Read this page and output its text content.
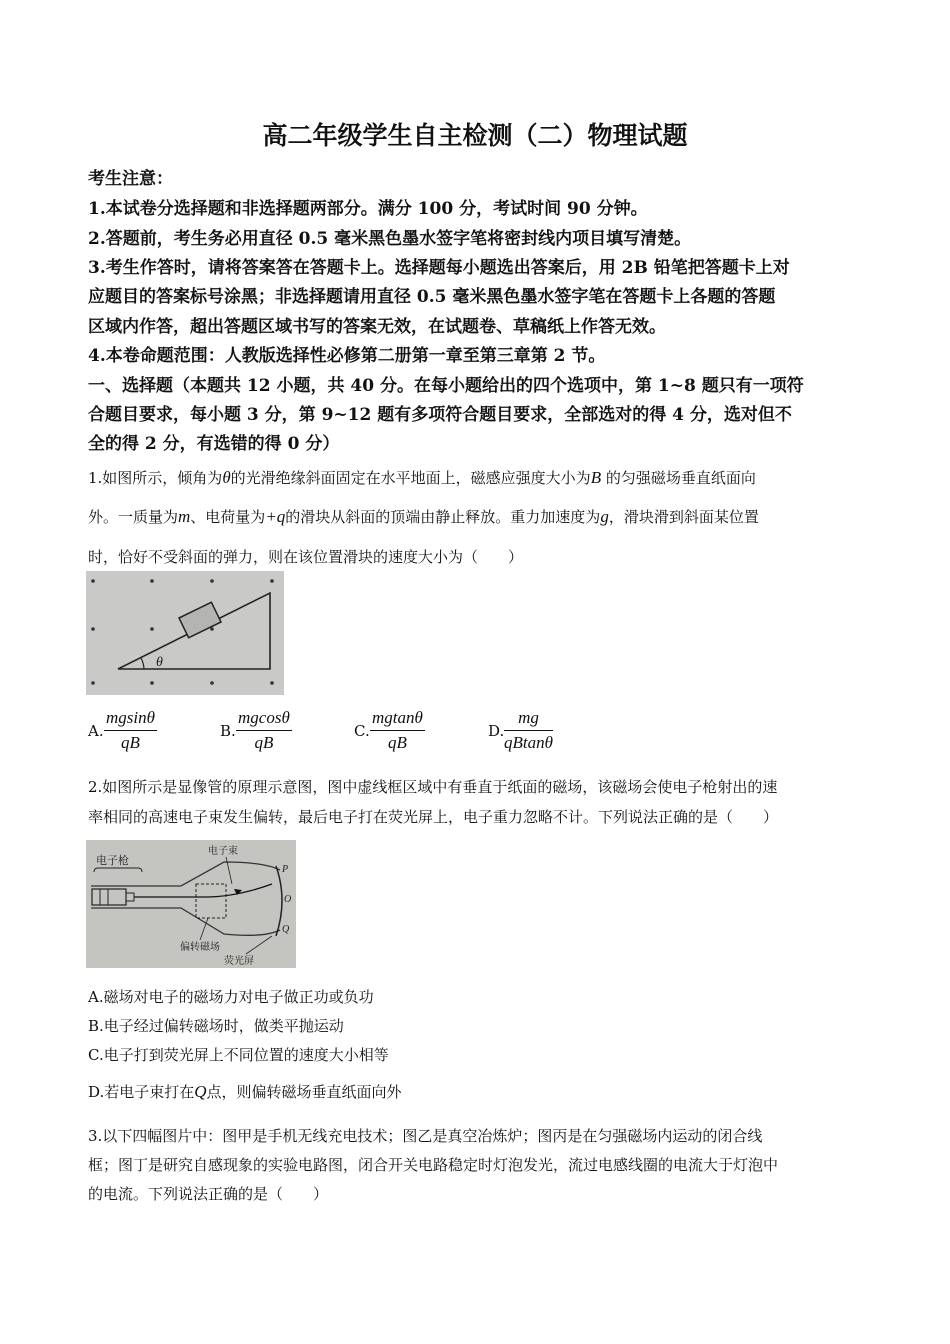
高二年级学生自主检测（二）物理试题
考生注意：
1.本试卷分选择题和非选择题两部分。满分 100 分，考试时间 90 分钟。
2.答题前，考生务必用直径 0.5 毫米黑色墨水签字笔将密封线内项目填写清楚。
3.考生作答时，请将答案答在答题卡上。选择题每小题选出答案后，用 2B 铅笔把答题卡上对
应题目的答案标号涂黑；非选择题请用直径 0.5 毫米黑色墨水签字笔在答题卡上各题的答题
区域内作答，超出答题区域书写的答案无效，在试题卷、草稿纸上作答无效。
4.本卷命题范围：人教版选择性必修第二册第一章至第三章第 2 节。
一、选择题（本题共 12 小题，共 40 分。在每小题给出的四个选项中，第 1~8 题只有一项符
合题目要求，每小题 3 分，第 9~12 题有多项符合题目要求，全部选对的得 4 分，选对但不
全的得 2 分，有选错的得 0 分）
1.如图所示，倾角为θ的光滑绝缘斜面固定在水平地面上，磁感应强度大小为B 的匀强磁场垂直纸面向
外。一质量为m、电荷量为+q的滑块从斜面的顶端由静止释放。重力加速度为g，滑块滑到斜面某位置
时，恰好不受斜面的弹力，则在该位置滑块的速度大小为（　　）
θ
A. $\frac{mgsin\theta}{qB}$	B. $\frac{mgcos\theta}{qB}$	C. $\frac{mgtan\theta}{qB}$	D. $\frac{mg}{qBtan\theta}$
2.如图所示是显像管的原理示意图，图中虚线框区域中有垂直于纸面的磁场，该磁场会使电子枪射出的速
率相同的高速电子束发生偏转，最后电子打在荧光屏上，电子重力忽略不计。下列说法正确的是（　　）
电子枪
电子束
偏转磁场
荧光屏
P
O
Q
A.磁场对电子的磁场力对电子做正功或负功
B.电子经过偏转磁场时，做类平抛运动
C.电子打到荧光屏上不同位置的速度大小相等
D.若电子束打在Q点，则偏转磁场垂直纸面向外
3.以下四幅图片中：图甲是手机无线充电技术；图乙是真空冶炼炉；图丙是在匀强磁场内运动的闭合线
框；图丁是研究自感现象的实验电路图，闭合开关电路稳定时灯泡发光，流过电感线圈的电流大于灯泡中
的电流。下列说法正确的是（　　）
